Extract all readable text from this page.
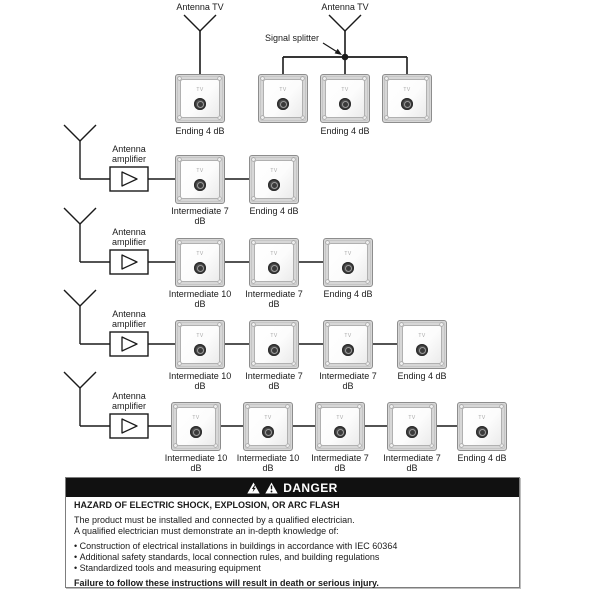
DANGER
HAZARD OF ELECTRIC SHOCK, EXPLOSION, OR ARC FLASH
The product must be installed and connected by a qualified electrician.
A qualified electrician must demonstrate an in-depth knowledge of:
• Construction of electrical installations in buildings in accordance with IEC 60364
• Additional safety standards, local connection rules, and building regulations
• Standardized tools and measuring equipment
Failure to follow these instructions will result in death or serious injury.
Antenna TV
TV
Ending 4 dB
Antenna TV
TV	TV	TV
Signal splitter
Ending 4 dB
Antenna
amplifier
TV
Intermediate 7 dB
TV
Ending 4 dB
Antenna
amplifier
TV
Intermediate 10 dB
TV
Intermediate 7 dB
TV
Ending 4 dB
Antenna
amplifier
TV
Intermediate 10 dB
TV
Intermediate 7 dB
TV
Intermediate 7 dB
TV
Ending 4 dB
Antenna
amplifier
TV
Intermediate 10 dB
TV
Intermediate 10 dB
TV
Intermediate 7 dB
TV
Intermediate 7 dB
TV
Ending 4 dB
